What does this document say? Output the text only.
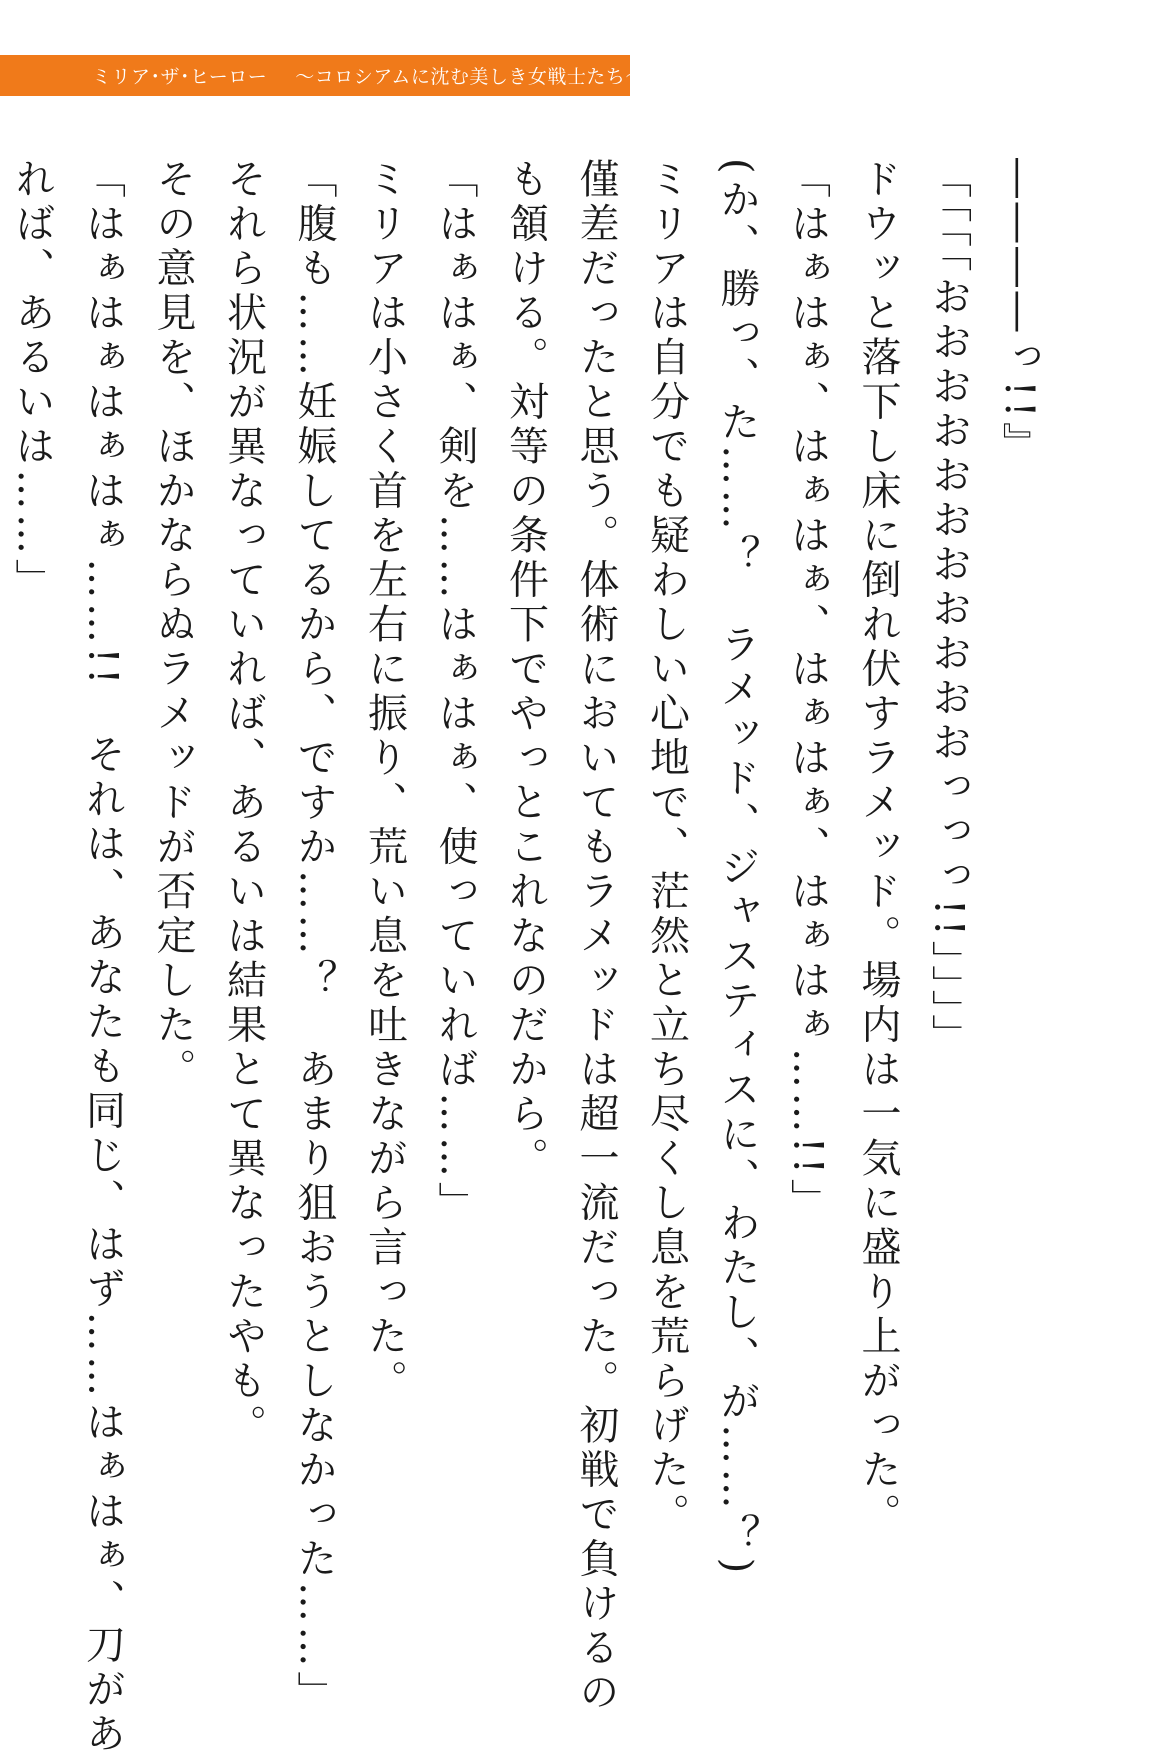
ミリア･ザ･ヒーロー ～コロシアムに沈む美しき女戦士たち～

――――っ!!』

「「「「おおおおおおおおおおおっっっ!!」」」」

ドウッと落下し床に倒れ伏すラメッド。場内は一気に盛り上がった。

「はぁはぁ、はぁはぁ、はぁはぁ、はぁはぁ……!!」

(か、勝っ、た……？　ラメッド、ジャスティスに、わたし、が……？)

ミリアは自分でも疑わしい心地で、茫然と立ち尽くし息を荒らげた。

僅差だったと思う。体術においてもラメッドは超一流だった。初戦で負けるの

も頷ける。対等の条件下でやっとこれなのだから。

「はぁはぁ、剣を……はぁはぁ、使っていれば……」

ミリアは小さく首を左右に振り、荒い息を吐きながら言った。

「腹も……妊娠してるから、ですか……？　あまり狙おうとしなかった……」

それら状況が異なっていれば、あるいは結果とて異なったやも。

その意見を、ほかならぬラメッドが否定した。

「はぁはぁはぁはぁ……!!　それは、あなたも同じ、はず……はぁはぁ、刀があ

れば、あるいは……」
